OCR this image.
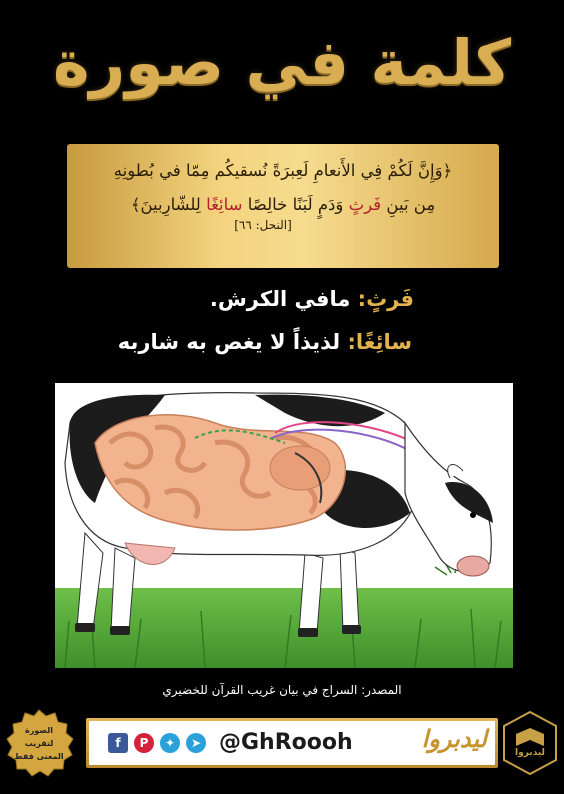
كلمة في صورة
﴿وَإِنَّ لَكُمْ فِي الأَنعامِ لَعِبرَةً نُسقيكُم مِمّا في بُطونِهِ
مِن بَينِ فَرثٍ وَدَمٍ لَبَنًا خالِصًا سائِغًا لِلشّارِبينَ﴾
[النحل: ٦٦]
فَرثٍ: مافي الكرش.
سائِغًا: لذيذاً لا يغص به شاربه
المصدر: السراج في بيان غريب القرآن للخضيري
ليدبروا
@GhRoooh
➤
✦
P
f
الصورة
لتقريب
المعنى فقط	ليدبروا
